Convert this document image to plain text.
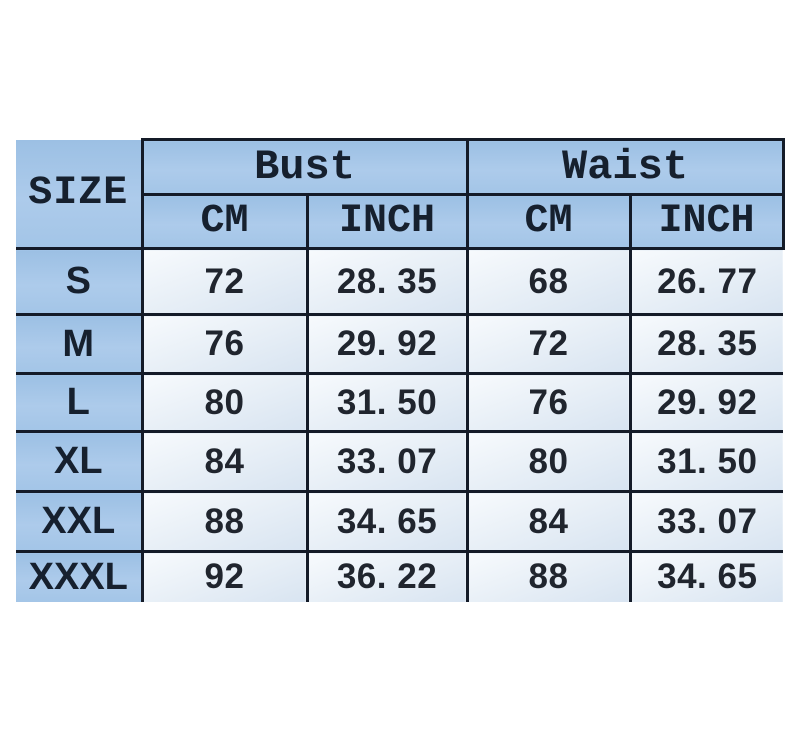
SIZE	Bust		Waist	
	CM	INCH	CM	INCH
S	72	28. 35	68	26. 77
M	76	29. 92	72	28. 35
L	80	31. 50	76	29. 92
XL	84	33. 07	80	31. 50
XXL	88	34. 65	84	33. 07
XXXL	92	36. 22	88	34. 65
